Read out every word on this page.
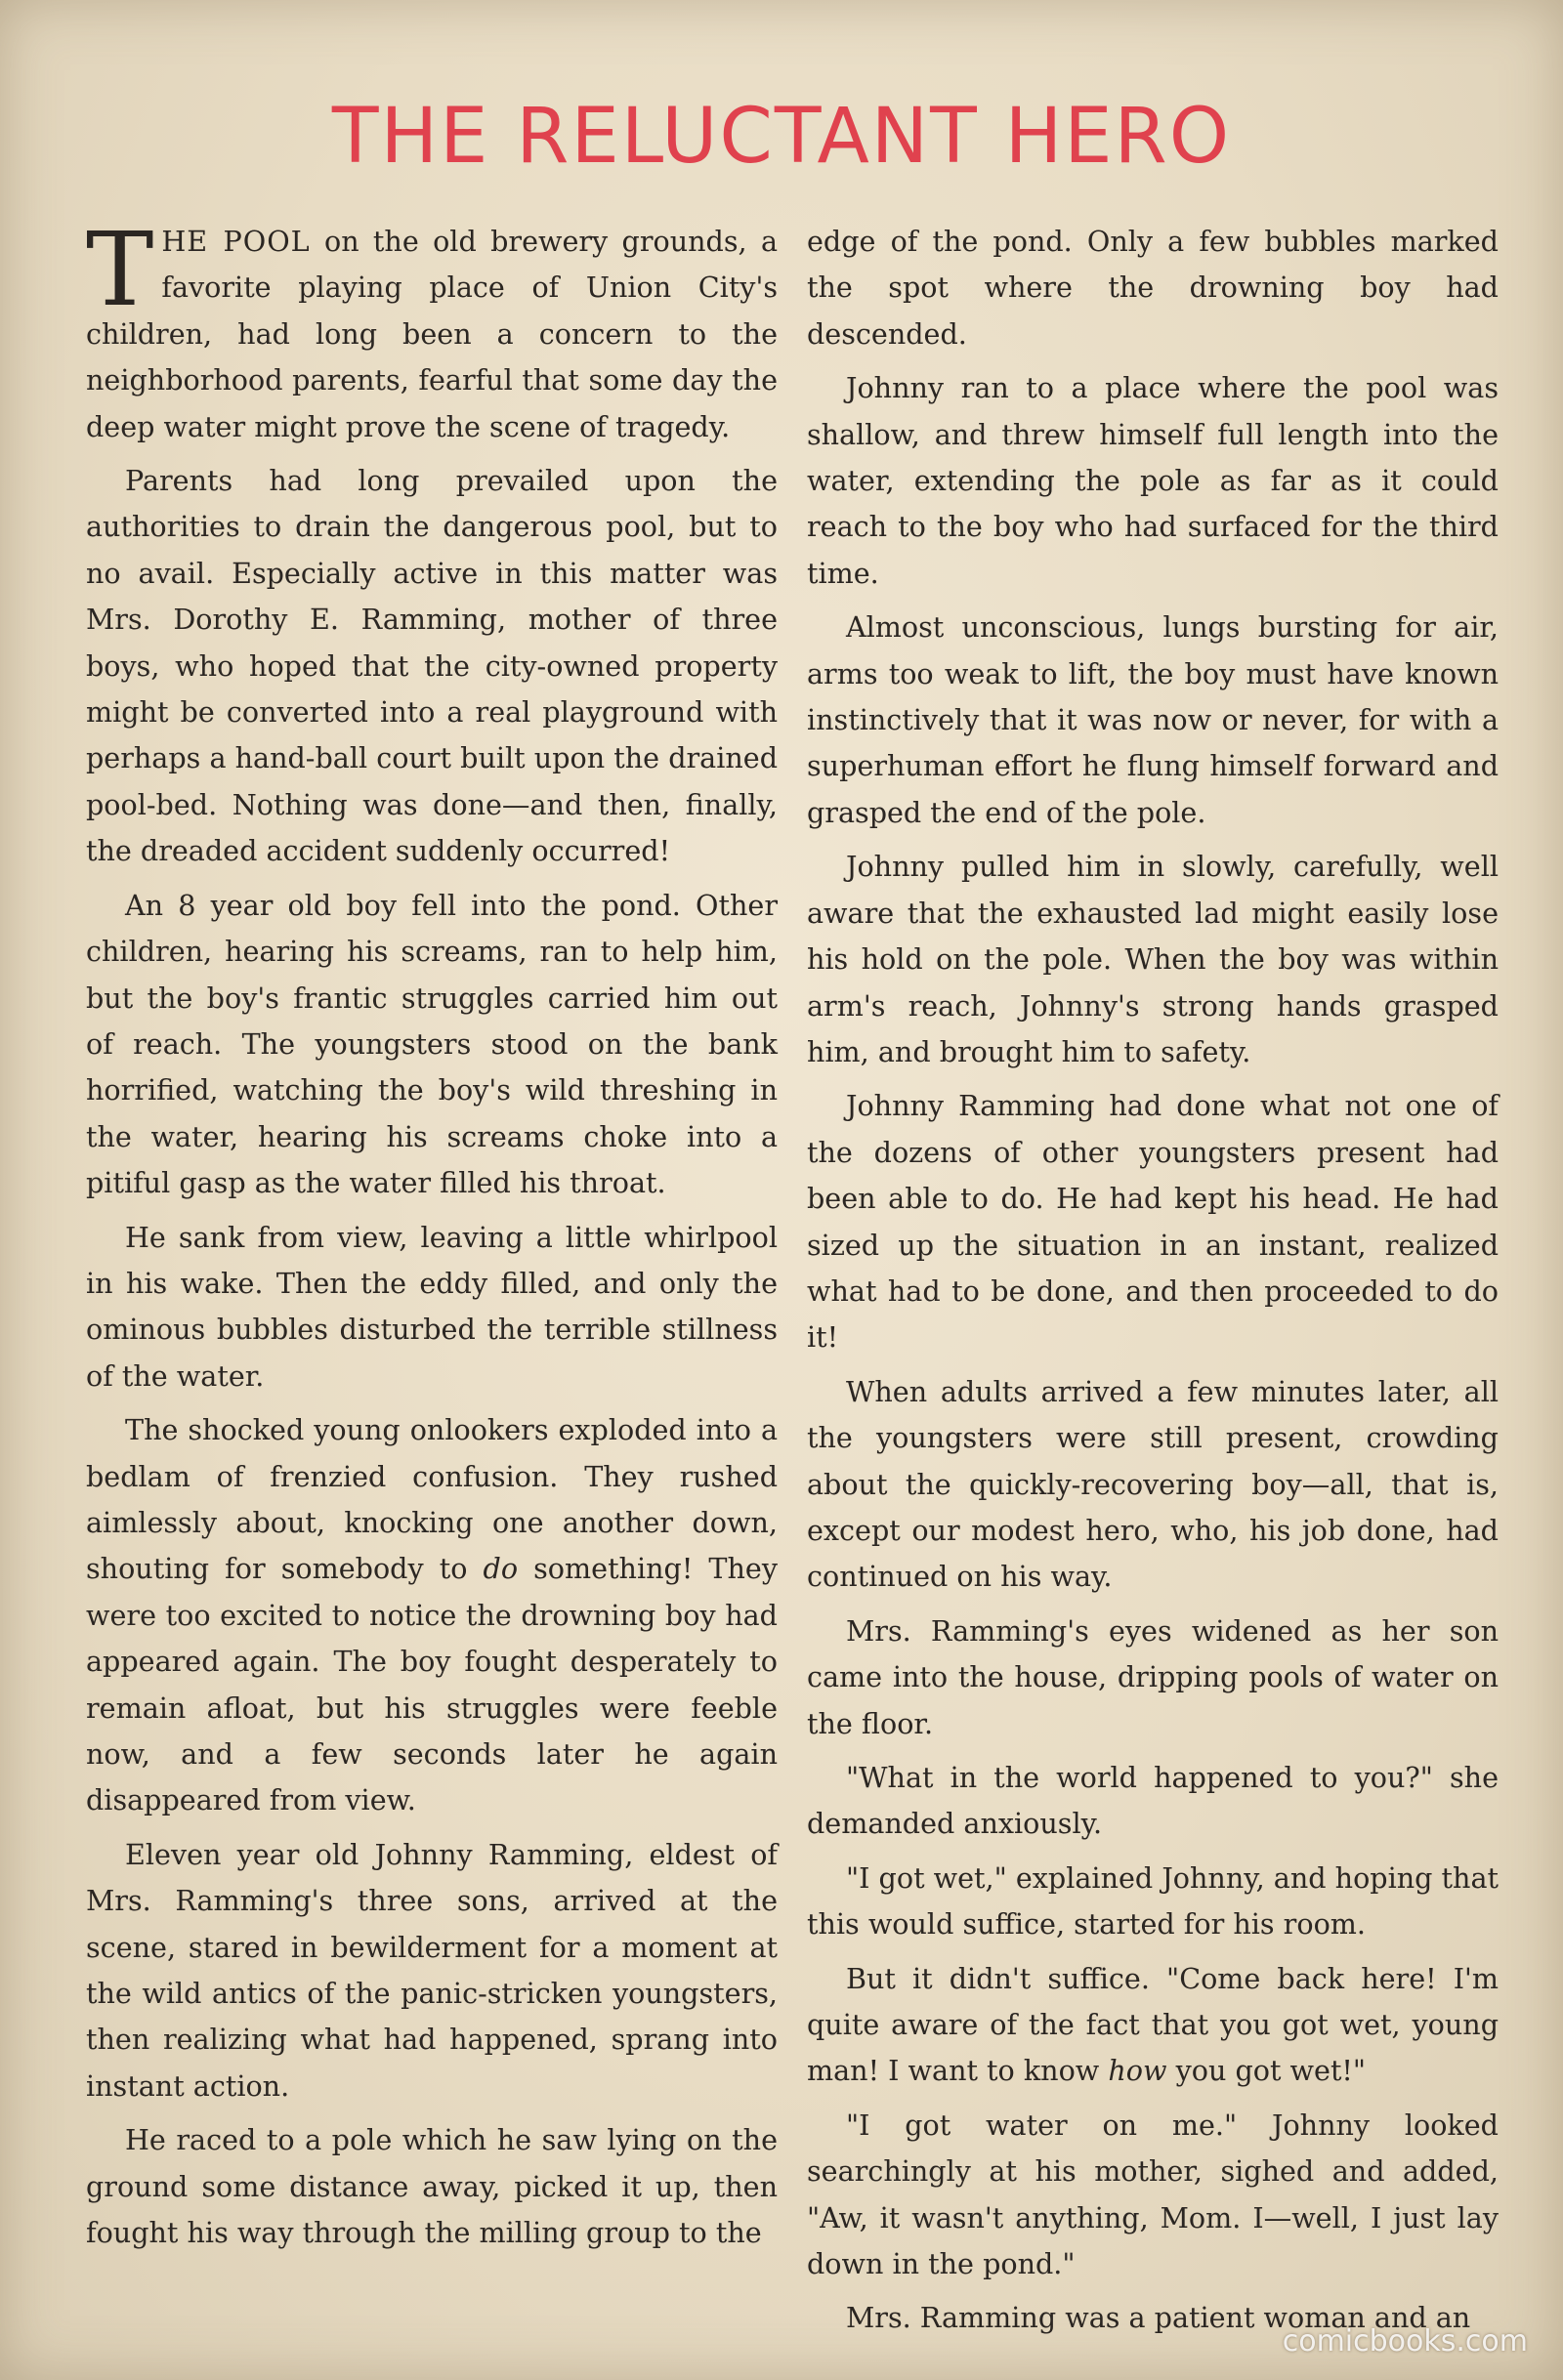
THE RELUCTANT HERO

THE POOL on the old brewery grounds, a favorite playing place of Union City's children, had long been a concern to the neighborhood parents, fearful that some day the deep water might prove the scene of tragedy.

Parents had long prevailed upon the authorities to drain the dangerous pool, but to no avail. Especially active in this matter was Mrs. Dorothy E. Ramming, mother of three boys, who hoped that the city-owned property might be converted into a real playground with perhaps a hand-ball court built upon the drained pool-bed. Nothing was done—and then, finally, the dreaded accident suddenly occurred!

An 8 year old boy fell into the pond. Other children, hearing his screams, ran to help him, but the boy's frantic struggles carried him out of reach. The youngsters stood on the bank horrified, watching the boy's wild threshing in the water, hearing his screams choke into a pitiful gasp as the water filled his throat.

He sank from view, leaving a little whirlpool in his wake. Then the eddy filled, and only the ominous bubbles disturbed the terrible stillness of the water.

The shocked young onlookers exploded into a bedlam of frenzied confusion. They rushed aimlessly about, knocking one another down, shouting for somebody to do something! They were too excited to notice the drowning boy had appeared again. The boy fought desperately to remain afloat, but his struggles were feeble now, and a few seconds later he again disappeared from view.

Eleven year old Johnny Ramming, eldest of Mrs. Ramming's three sons, arrived at the scene, stared in bewilderment for a moment at the wild antics of the panic-stricken youngsters, then realizing what had happened, sprang into instant action.

He raced to a pole which he saw lying on the ground some distance away, picked it up, then fought his way through the milling group to the

edge of the pond. Only a few bubbles marked the spot where the drowning boy had descended.

Johnny ran to a place where the pool was shallow, and threw himself full length into the water, extending the pole as far as it could reach to the boy who had surfaced for the third time.

Almost unconscious, lungs bursting for air, arms too weak to lift, the boy must have known instinctively that it was now or never, for with a superhuman effort he flung himself forward and grasped the end of the pole.

Johnny pulled him in slowly, carefully, well aware that the exhausted lad might easily lose his hold on the pole. When the boy was within arm's reach, Johnny's strong hands grasped him, and brought him to safety.

Johnny Ramming had done what not one of the dozens of other youngsters present had been able to do. He had kept his head. He had sized up the situation in an instant, realized what had to be done, and then proceeded to do it!

When adults arrived a few minutes later, all the youngsters were still present, crowding about the quickly-recovering boy—all, that is, except our modest hero, who, his job done, had continued on his way.

Mrs. Ramming's eyes widened as her son came into the house, dripping pools of water on the floor.

"What in the world happened to you?" she demanded anxiously.

"I got wet," explained Johnny, and hoping that this would suffice, started for his room.

But it didn't suffice. "Come back here! I'm quite aware of the fact that you got wet, young man! I want to know how you got wet!"

"I got water on me." Johnny looked searchingly at his mother, sighed and added, "Aw, it wasn't anything, Mom. I—well, I just lay down in the pond."

Mrs. Ramming was a patient woman and an

comicbooks.com
